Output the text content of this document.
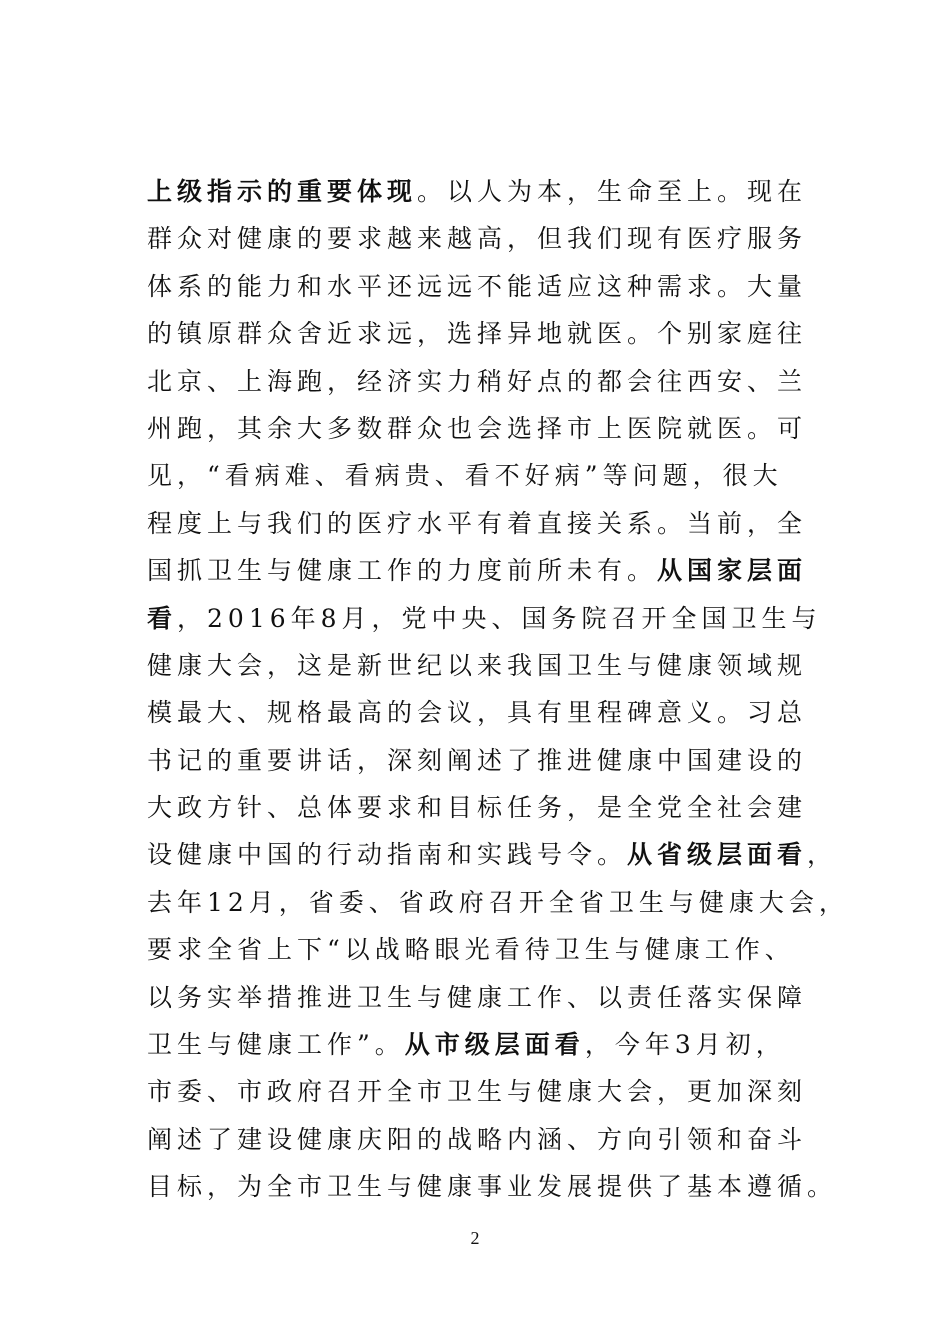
上级指示的重要体现。以人为本，生命至上。现在
群众对健康的要求越来越高，但我们现有医疗服务
体系的能力和水平还远远不能适应这种需求。大量
的镇原群众舍近求远，选择异地就医。个别家庭往
北京、上海跑，经济实力稍好点的都会往西安、兰
州跑，其余大多数群众也会选择市上医院就医。可
见，“看病难、看病贵、看不好病”等问题，很大
程度上与我们的医疗水平有着直接关系。当前，全
国抓卫生与健康工作的力度前所未有。从国家层面
看，2016年8月，党中央、国务院召开全国卫生与
健康大会，这是新世纪以来我国卫生与健康领域规
模最大、规格最高的会议，具有里程碑意义。习总
书记的重要讲话，深刻阐述了推进健康中国建设的
大政方针、总体要求和目标任务，是全党全社会建
设健康中国的行动指南和实践号令。从省级层面看，
去年12月，省委、省政府召开全省卫生与健康大会，
要求全省上下“以战略眼光看待卫生与健康工作、
以务实举措推进卫生与健康工作、以责任落实保障
卫生与健康工作”。从市级层面看，今年3月初，
市委、市政府召开全市卫生与健康大会，更加深刻
阐述了建设健康庆阳的战略内涵、方向引领和奋斗
目标，为全市卫生与健康事业发展提供了基本遵循。
2
